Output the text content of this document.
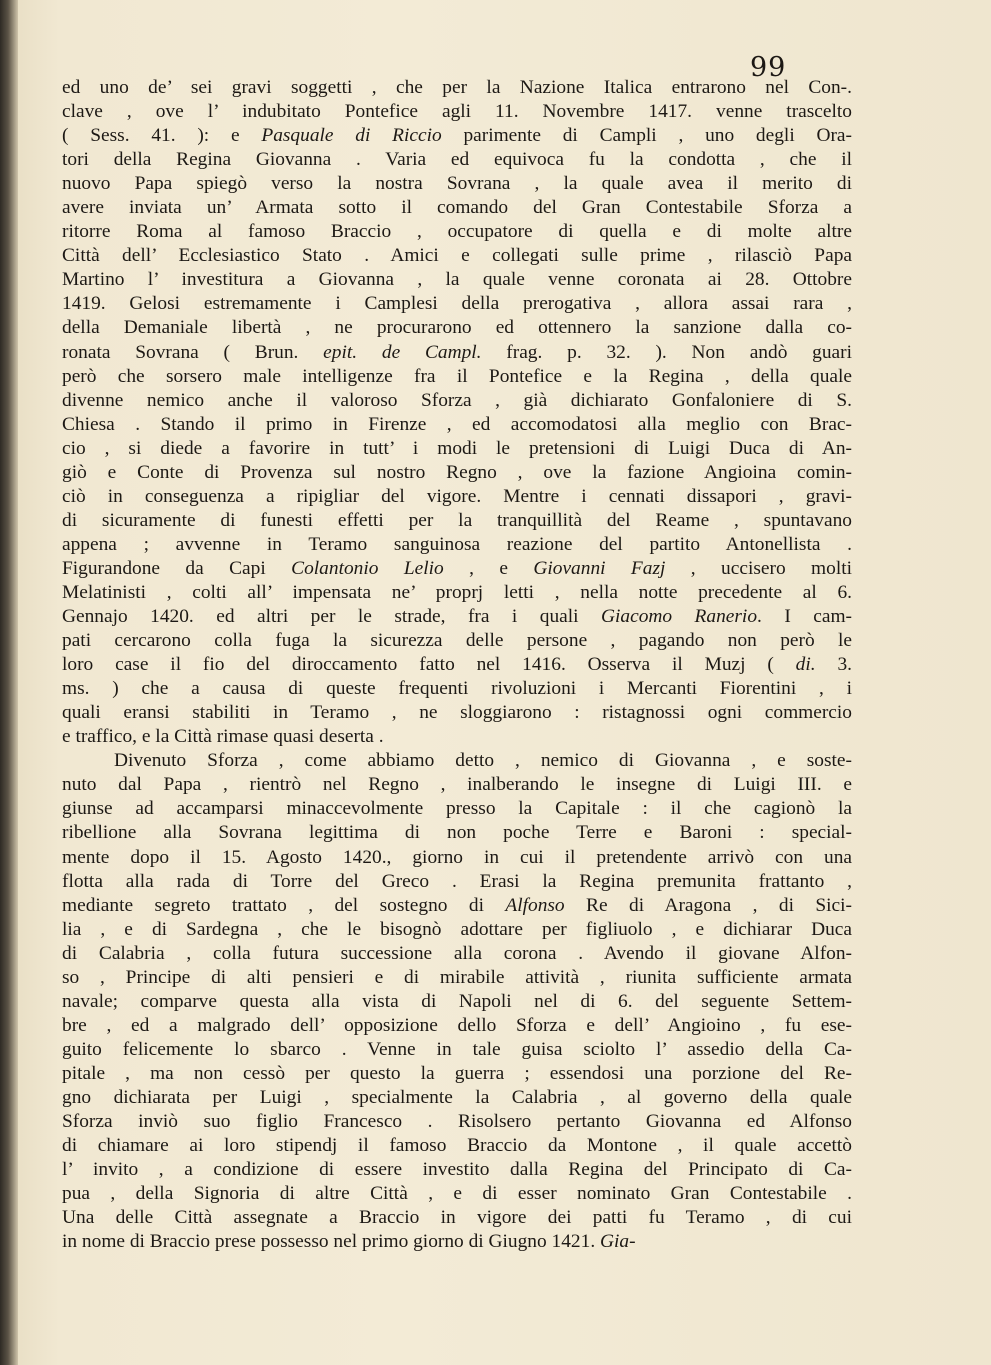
99
ed uno de’ sei gravi soggetti , che per la Nazione Italica entrarono nel Con-.
clave , ove l’ indubitato Pontefice agli 11. Novembre 1417. venne trascelto
( Sess. 41. ): e Pasquale di Riccio parimente di Campli , uno degli Ora-
tori della Regina Giovanna . Varia ed equivoca fu la condotta , che il
nuovo Papa spiegò verso la nostra Sovrana , la quale avea il merito di
avere inviata un’ Armata sotto il comando del Gran Contestabile Sforza a
ritorre Roma al famoso Braccio , occupatore di quella e di molte altre
Città dell’ Ecclesiastico Stato . Amici e collegati sulle prime , rilasciò Papa
Martino l’ investitura a Giovanna , la quale venne coronata ai 28. Ottobre
1419. Gelosi estremamente i Camplesi della prerogativa , allora assai rara ,
della Demaniale libertà , ne procurarono ed ottennero la sanzione dalla co-
ronata Sovrana ( Brun. epit. de Campl. frag. p. 32. ). Non andò guari
però che sorsero male intelligenze fra il Pontefice e la Regina , della quale
divenne nemico anche il valoroso Sforza , già dichiarato Gonfaloniere di S.
Chiesa . Stando il primo in Firenze , ed accomodatosi alla meglio con Brac-
cio , si diede a favorire in tutt’ i modi le pretensioni di Luigi Duca di An-
giò e Conte di Provenza sul nostro Regno , ove la fazione Angioina comin-
ciò in conseguenza a ripigliar del vigore. Mentre i cennati dissapori , gravi-
di sicuramente di funesti effetti per la tranquillità del Reame , spuntavano
appena ; avvenne in Teramo sanguinosa reazione del partito Antonellista .
Figurandone da Capi Colantonio Lelio , e Giovanni Fazj , uccisero molti
Melatinisti , colti all’ impensata ne’ proprj letti , nella notte precedente al 6.
Gennajo 1420. ed altri per le strade, fra i quali Giacomo Ranerio. I cam-
pati cercarono colla fuga la sicurezza delle persone , pagando non però le
loro case il fio del diroccamento fatto nel 1416. Osserva il Muzj ( di. 3.
ms. ) che a causa di queste frequenti rivoluzioni i Mercanti Fiorentini , i
quali eransi stabiliti in Teramo , ne sloggiarono : ristagnossi ogni commercio
e traffico, e la Città rimase quasi deserta .
Divenuto Sforza , come abbiamo detto , nemico di Giovanna , e soste-
nuto dal Papa , rientrò nel Regno , inalberando le insegne di Luigi III. e
giunse ad accamparsi minaccevolmente presso la Capitale : il che cagionò la
ribellione alla Sovrana legittima di non poche Terre e Baroni : special-
mente dopo il 15. Agosto 1420., giorno in cui il pretendente arrivò con una
flotta alla rada di Torre del Greco . Erasi la Regina premunita frattanto ,
mediante segreto trattato , del sostegno di Alfonso Re di Aragona , di Sici-
lia , e di Sardegna , che le bisognò adottare per figliuolo , e dichiarar Duca
di Calabria , colla futura successione alla corona . Avendo il giovane Alfon-
so , Principe di alti pensieri e di mirabile attività , riunita sufficiente armata
navale; comparve questa alla vista di Napoli nel di 6. del seguente Settem-
bre , ed a malgrado dell’ opposizione dello Sforza e dell’ Angioino , fu ese-
guito felicemente lo sbarco . Venne in tale guisa sciolto l’ assedio della Ca-
pitale , ma non cessò per questo la guerra ; essendosi una porzione del Re-
gno dichiarata per Luigi , specialmente la Calabria , al governo della quale
Sforza inviò suo figlio Francesco . Risolsero pertanto Giovanna ed Alfonso
di chiamare ai loro stipendj il famoso Braccio da Montone , il quale accettò
l’ invito , a condizione di essere investito dalla Regina del Principato di Ca-
pua , della Signoria di altre Città , e di esser nominato Gran Contestabile .
Una delle Città assegnate a Braccio in vigore dei patti fu Teramo , di cui
in nome di Braccio prese possesso nel primo giorno di Giugno 1421. Gia-
